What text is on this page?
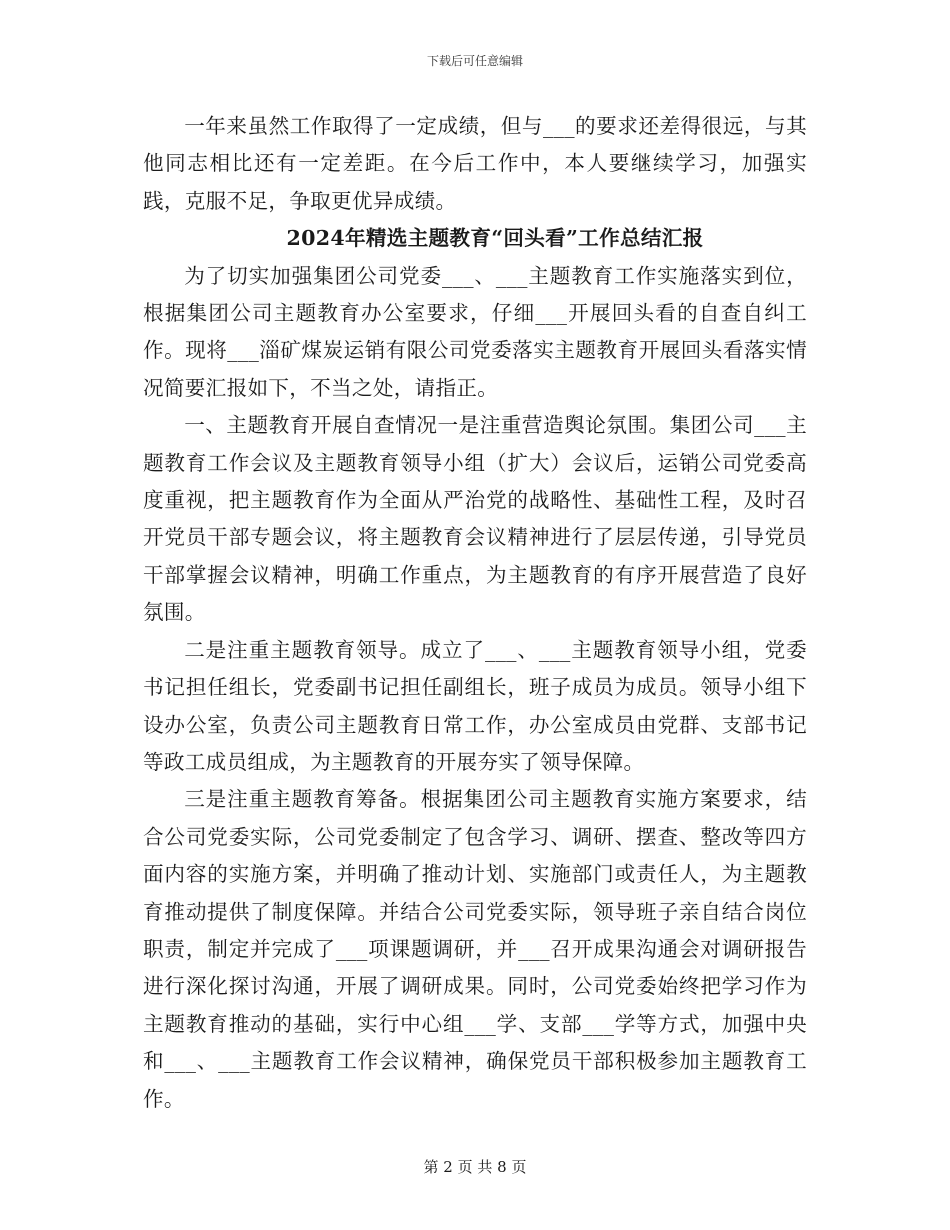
下载后可任意编辑

一年来虽然工作取得了一定成绩，但与___的要求还差得很远，与其他同志相比还有一定差距。在今后工作中，本人要继续学习，加强实践，克服不足，争取更优异成绩。

2024年精选主题教育“回头看”工作总结汇报

为了切实加强集团公司党委___、___主题教育工作实施落实到位，根据集团公司主题教育办公室要求，仔细___开展回头看的自查自纠工作。现将___淄矿煤炭运销有限公司党委落实主题教育开展回头看落实情况简要汇报如下，不当之处，请指正。

一、主题教育开展自查情况一是注重营造舆论氛围。集团公司___主题教育工作会议及主题教育领导小组（扩大）会议后，运销公司党委高度重视，把主题教育作为全面从严治党的战略性、基础性工程，及时召开党员干部专题会议，将主题教育会议精神进行了层层传递，引导党员干部掌握会议精神，明确工作重点，为主题教育的有序开展营造了良好氛围。

二是注重主题教育领导。成立了___、___主题教育领导小组，党委书记担任组长，党委副书记担任副组长，班子成员为成员。领导小组下设办公室，负责公司主题教育日常工作，办公室成员由党群、支部书记等政工成员组成，为主题教育的开展夯实了领导保障。

三是注重主题教育筹备。根据集团公司主题教育实施方案要求，结合公司党委实际，公司党委制定了包含学习、调研、摆查、整改等四方面内容的实施方案，并明确了推动计划、实施部门或责任人，为主题教育推动提供了制度保障。并结合公司党委实际，领导班子亲自结合岗位职责，制定并完成了___项课题调研，并___召开成果沟通会对调研报告进行深化探讨沟通，开展了调研成果。同时，公司党委始终把学习作为主题教育推动的基础，实行中心组___学、支部___学等方式，加强中央和___、___主题教育工作会议精神，确保党员干部积极参加主题教育工作。

第 2 页 共 8 页
